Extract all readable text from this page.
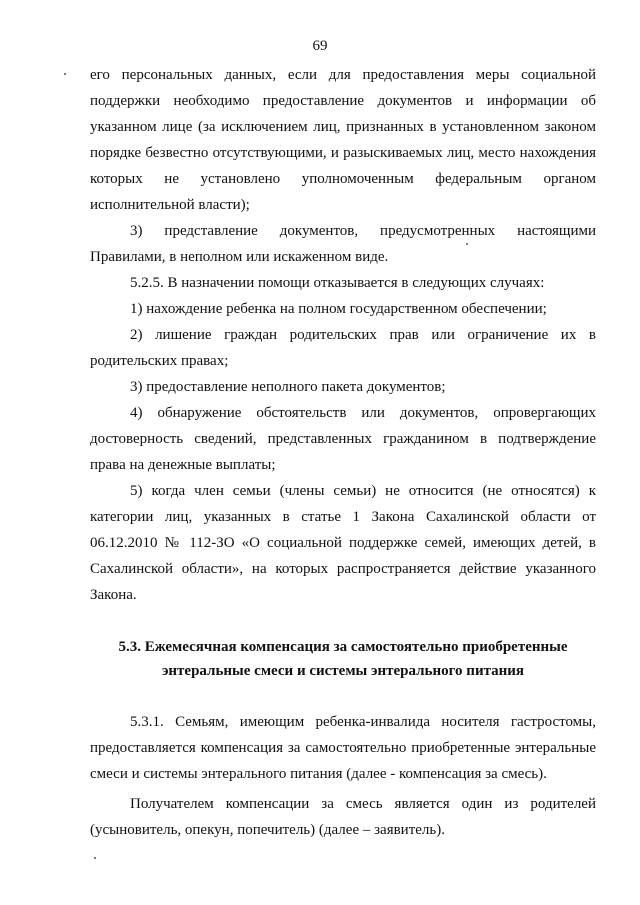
69

его персональных данных, если для предоставления меры социальной

поддержки необходимо предоставление документов и информации об

указанном лице (за исключением лиц, признанных в установленном законом

порядке безвестно отсутствующими, и разыскиваемых лиц, место нахождения

которых не установлено уполномоченным федеральным органом

исполнительной власти);

3) представление документов, предусмотренных настоящими

Правилами, в неполном или искаженном виде.

5.2.5. В назначении помощи отказывается в следующих случаях:

1) нахождение ребенка на полном государственном обеспечении;

2) лишение граждан родительских прав или ограничение их в

родительских правах;

3) предоставление неполного пакета документов;

4) обнаружение обстоятельств или документов, опровергающих

достоверность сведений, представленных гражданином в подтверждение

права на денежные выплаты;

5) когда член семьи (члены семьи) не относится (не относятся) к

категории лиц, указанных в статье 1 Закона Сахалинской области от

06.12.2010 № 112-ЗО «О социальной поддержке семей, имеющих детей, в

Сахалинской области», на которых распространяется действие указанного

Закона.

5.3. Ежемесячная компенсация за самостоятельно приобретенные

энтеральные смеси и системы энтерального питания

5.3.1. Семьям, имеющим ребенка-инвалида носителя гастростомы,

предоставляется компенсация за самостоятельно приобретенные энтеральные

смеси и системы энтерального питания (далее - компенсация за смесь).

Получателем компенсации за смесь является один из родителей

(усыновитель, опекун, попечитель) (далее – заявитель).
